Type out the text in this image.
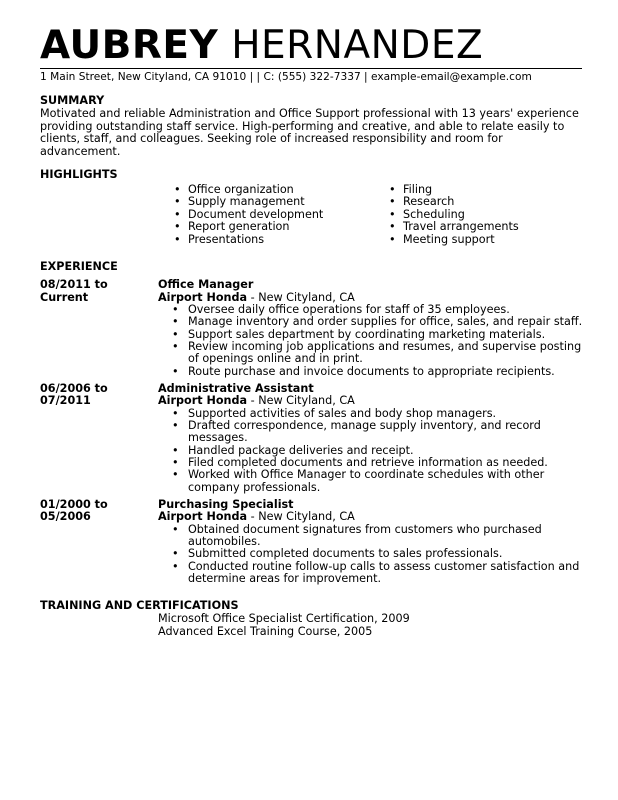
AUBREY HERNANDEZ
1 Main Street, New Cityland, CA 91010 | | C: (555) 322-7337 | example-email@example.com
SUMMARY
Motivated and reliable Administration and Office Support professional with 13 years' experience providing outstanding staff service. High-performing and creative, and able to relate easily to clients, staff, and colleagues. Seeking role of increased responsibility and room for advancement.
HIGHLIGHTS
• Office organization
• Supply management
• Document development
• Report generation
• Presentations
• Filing
• Research
• Scheduling
• Travel arrangements
• Meeting support
EXPERIENCE
08/2011 to Current
Office Manager
Airport Honda - New Cityland, CA
• Oversee daily office operations for staff of 35 employees.
• Manage inventory and order supplies for office, sales, and repair staff.
• Support sales department by coordinating marketing materials.
• Review incoming job applications and resumes, and supervise posting of openings online and in print.
• Route purchase and invoice documents to appropriate recipients.
06/2006 to 07/2011
Administrative Assistant
Airport Honda - New Cityland, CA
• Supported activities of sales and body shop managers.
• Drafted correspondence, manage supply inventory, and record messages.
• Handled package deliveries and receipt.
• Filed completed documents and retrieve information as needed.
• Worked with Office Manager to coordinate schedules with other company professionals.
01/2000 to 05/2006
Purchasing Specialist
Airport Honda - New Cityland, CA
• Obtained document signatures from customers who purchased automobiles.
• Submitted completed documents to sales professionals.
• Conducted routine follow-up calls to assess customer satisfaction and determine areas for improvement.
TRAINING AND CERTIFICATIONS
Microsoft Office Specialist Certification, 2009
Advanced Excel Training Course, 2005
